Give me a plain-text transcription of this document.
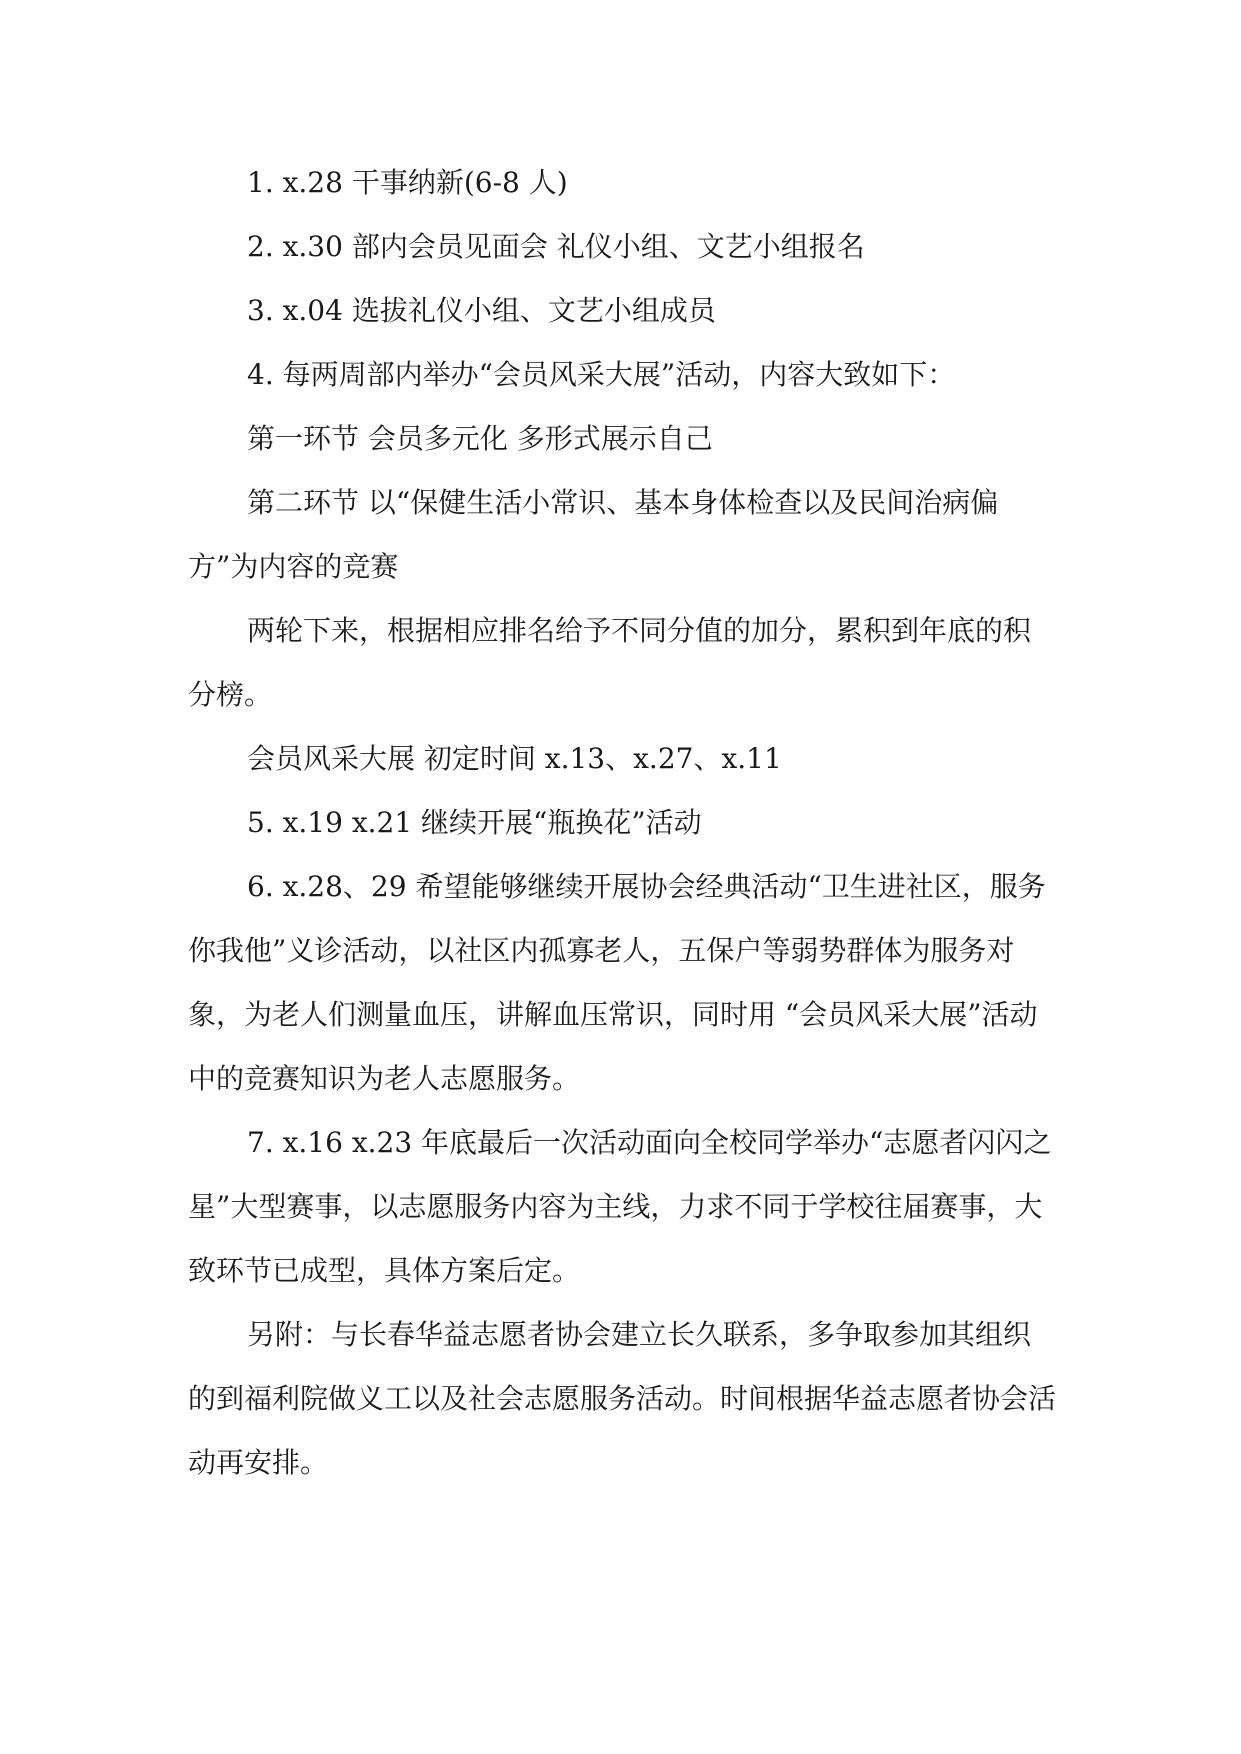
1. x.28 干事纳新(6-8 人)

2. x.30 部内会员见面会 礼仪小组、文艺小组报名

3. x.04 选拔礼仪小组、文艺小组成员

4. 每两周部内举办“会员风采大展”活动，内容大致如下：

第一环节 会员多元化 多形式展示自己

第二环节 以“保健生活小常识、基本身体检查以及民间治病偏方”为内容的竞赛

两轮下来，根据相应排名给予不同分值的加分，累积到年底的积分榜。

会员风采大展 初定时间 x.13、x.27、x.11

5. x.19 x.21 继续开展“瓶换花”活动

6. x.28、29 希望能够继续开展协会经典活动“卫生进社区，服务你我他”义诊活动，以社区内孤寡老人，五保户等弱势群体为服务对象，为老人们测量血压，讲解血压常识，同时用 “会员风采大展”活动中的竞赛知识为老人志愿服务。

7. x.16 x.23 年底最后一次活动面向全校同学举办“志愿者闪闪之星”大型赛事，以志愿服务内容为主线，力求不同于学校往届赛事，大致环节已成型，具体方案后定。

另附：与长春华益志愿者协会建立长久联系，多争取参加其组织的到福利院做义工以及社会志愿服务活动。时间根据华益志愿者协会活动再安排。
